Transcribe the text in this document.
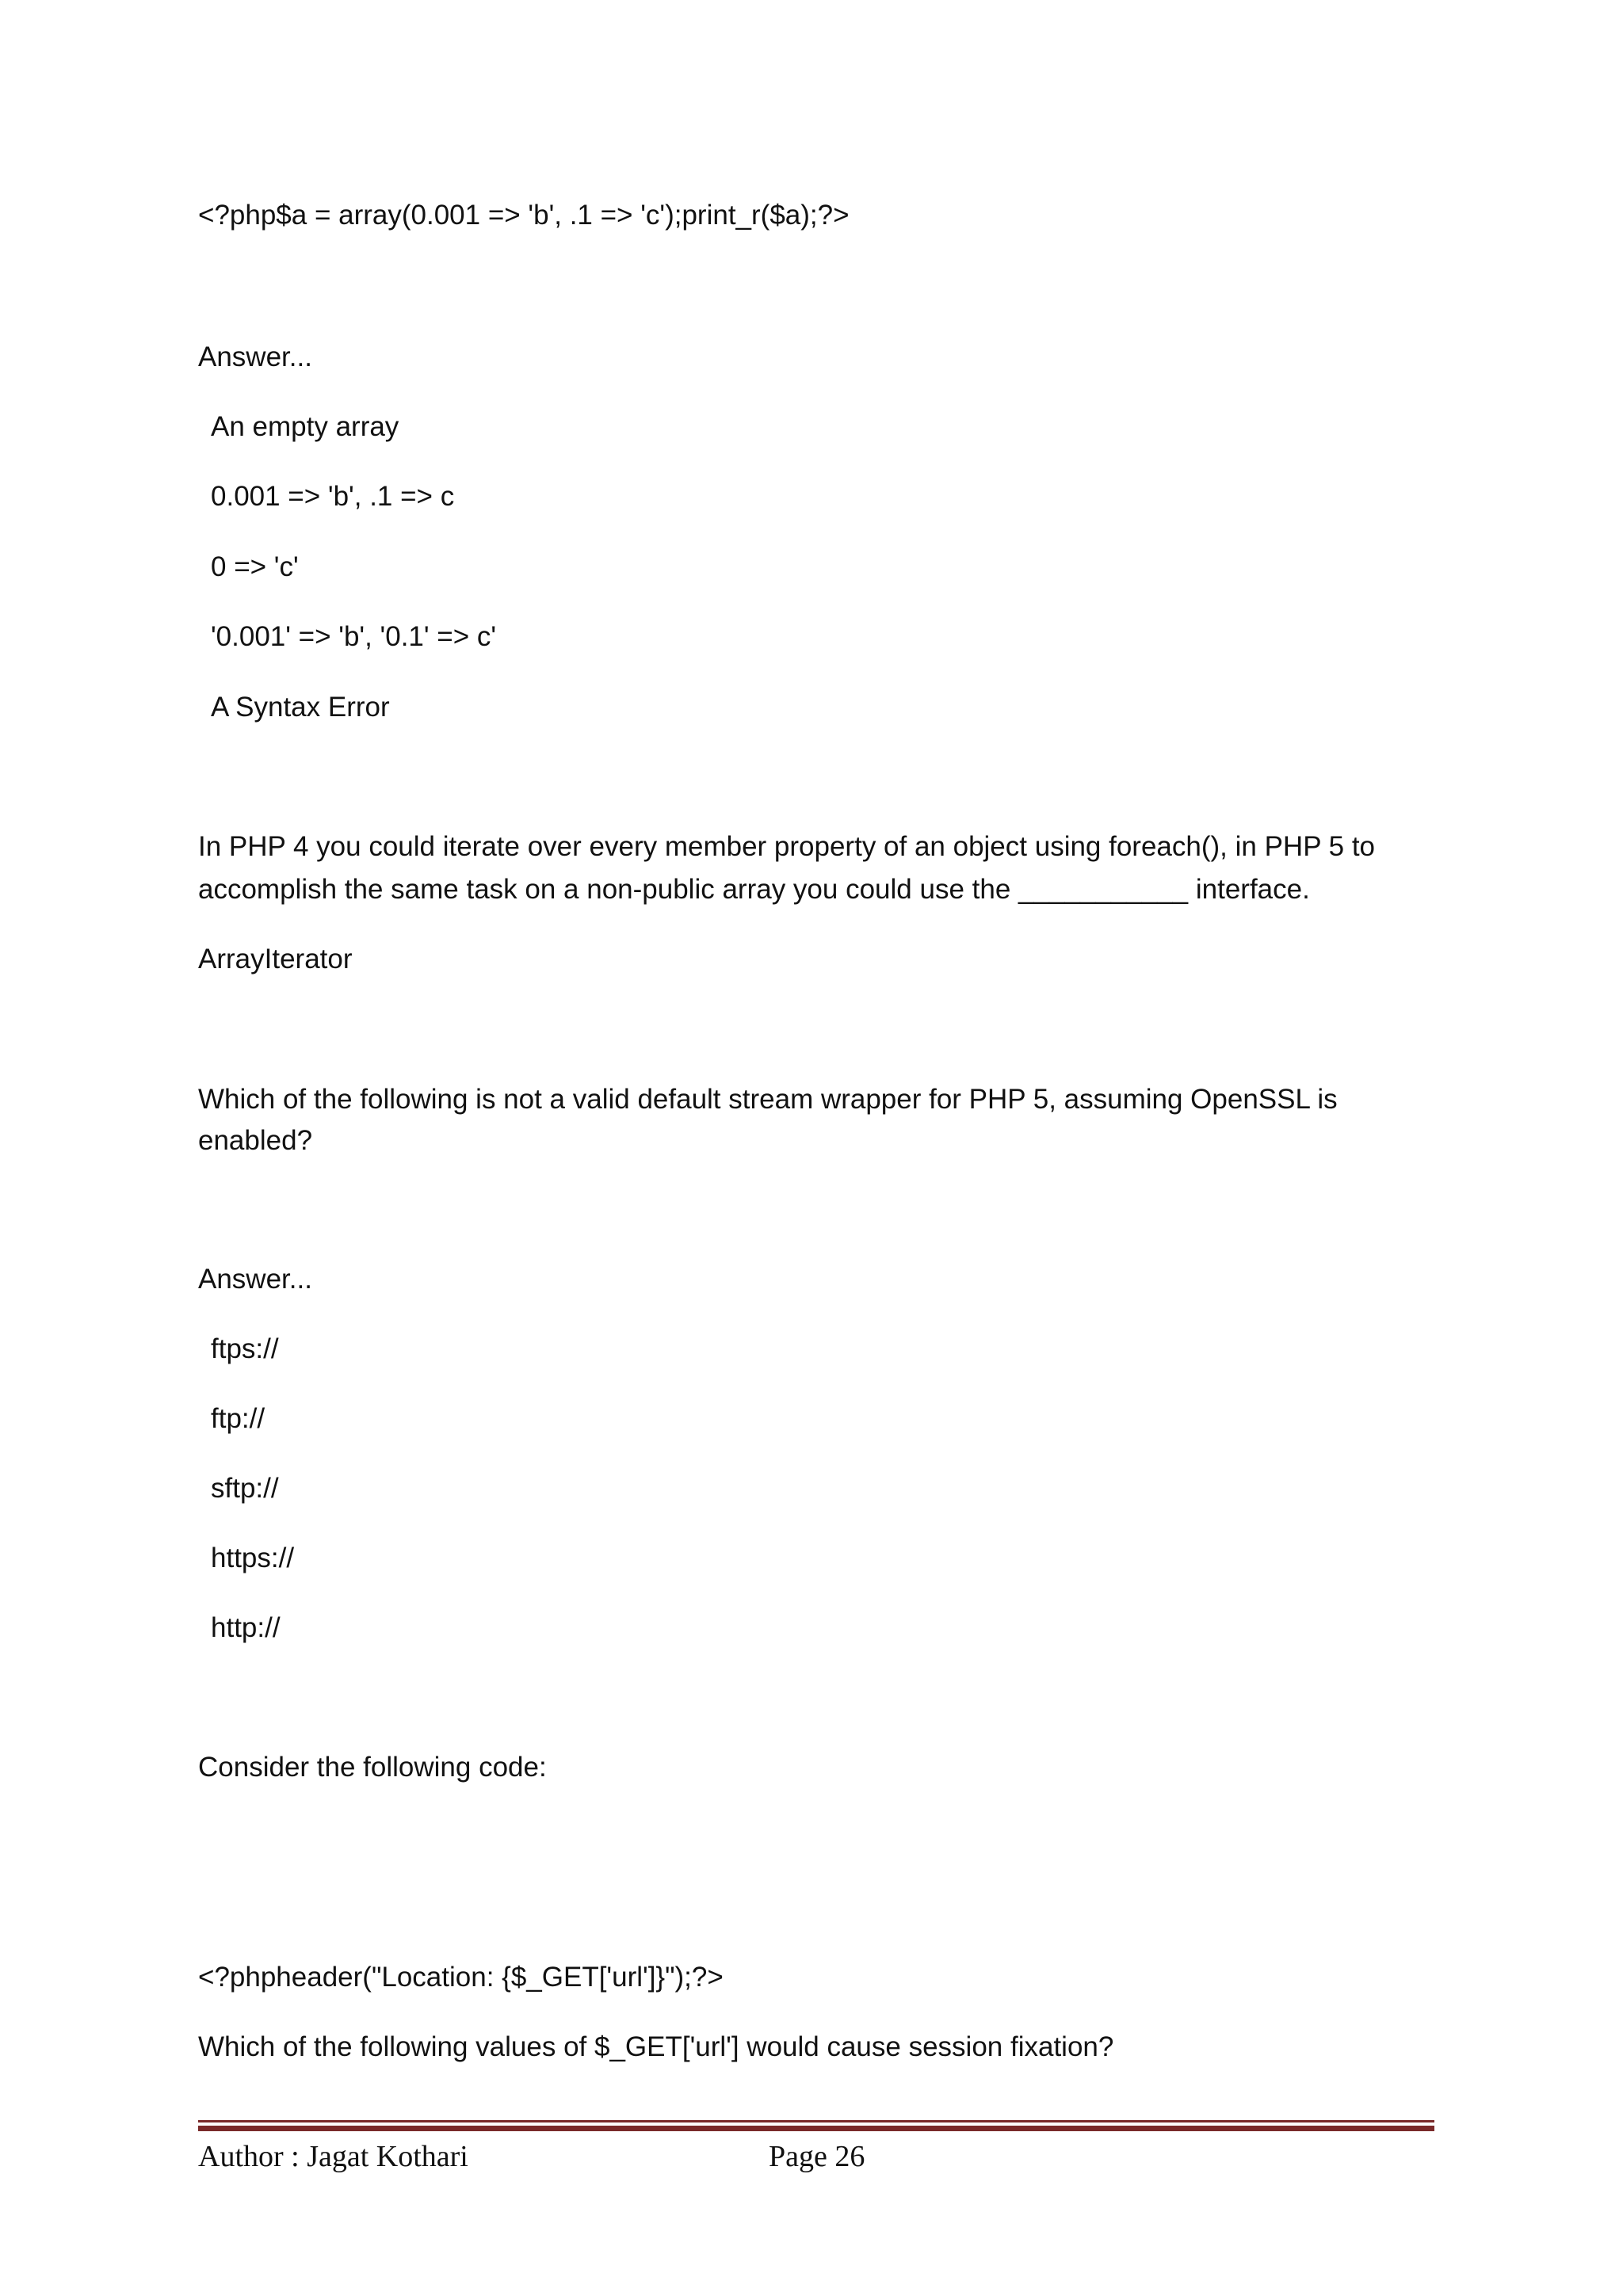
<?php$a = array(0.001 => 'b', .1 => 'c');print_r($a);?>
Answer...
An empty array
0.001 => 'b', .1 => c
0 => 'c'
'0.001' => 'b', '0.1' => c'
A Syntax Error
In PHP 4 you could iterate over every member property of an object using foreach(), in PHP 5 to
accomplish the same task on a non-public array you could use the ___________ interface.
ArrayIterator
Which of the following is not a valid default stream wrapper for PHP 5, assuming OpenSSL is
enabled?
Answer...
ftps://
ftp://
sftp://
https://
http://
Consider the following code:
<?phpheader("Location: {$_GET['url']}");?>
Which of the following values of $_GET['url'] would cause session fixation?
Author : Jagat Kothari	Page 26
